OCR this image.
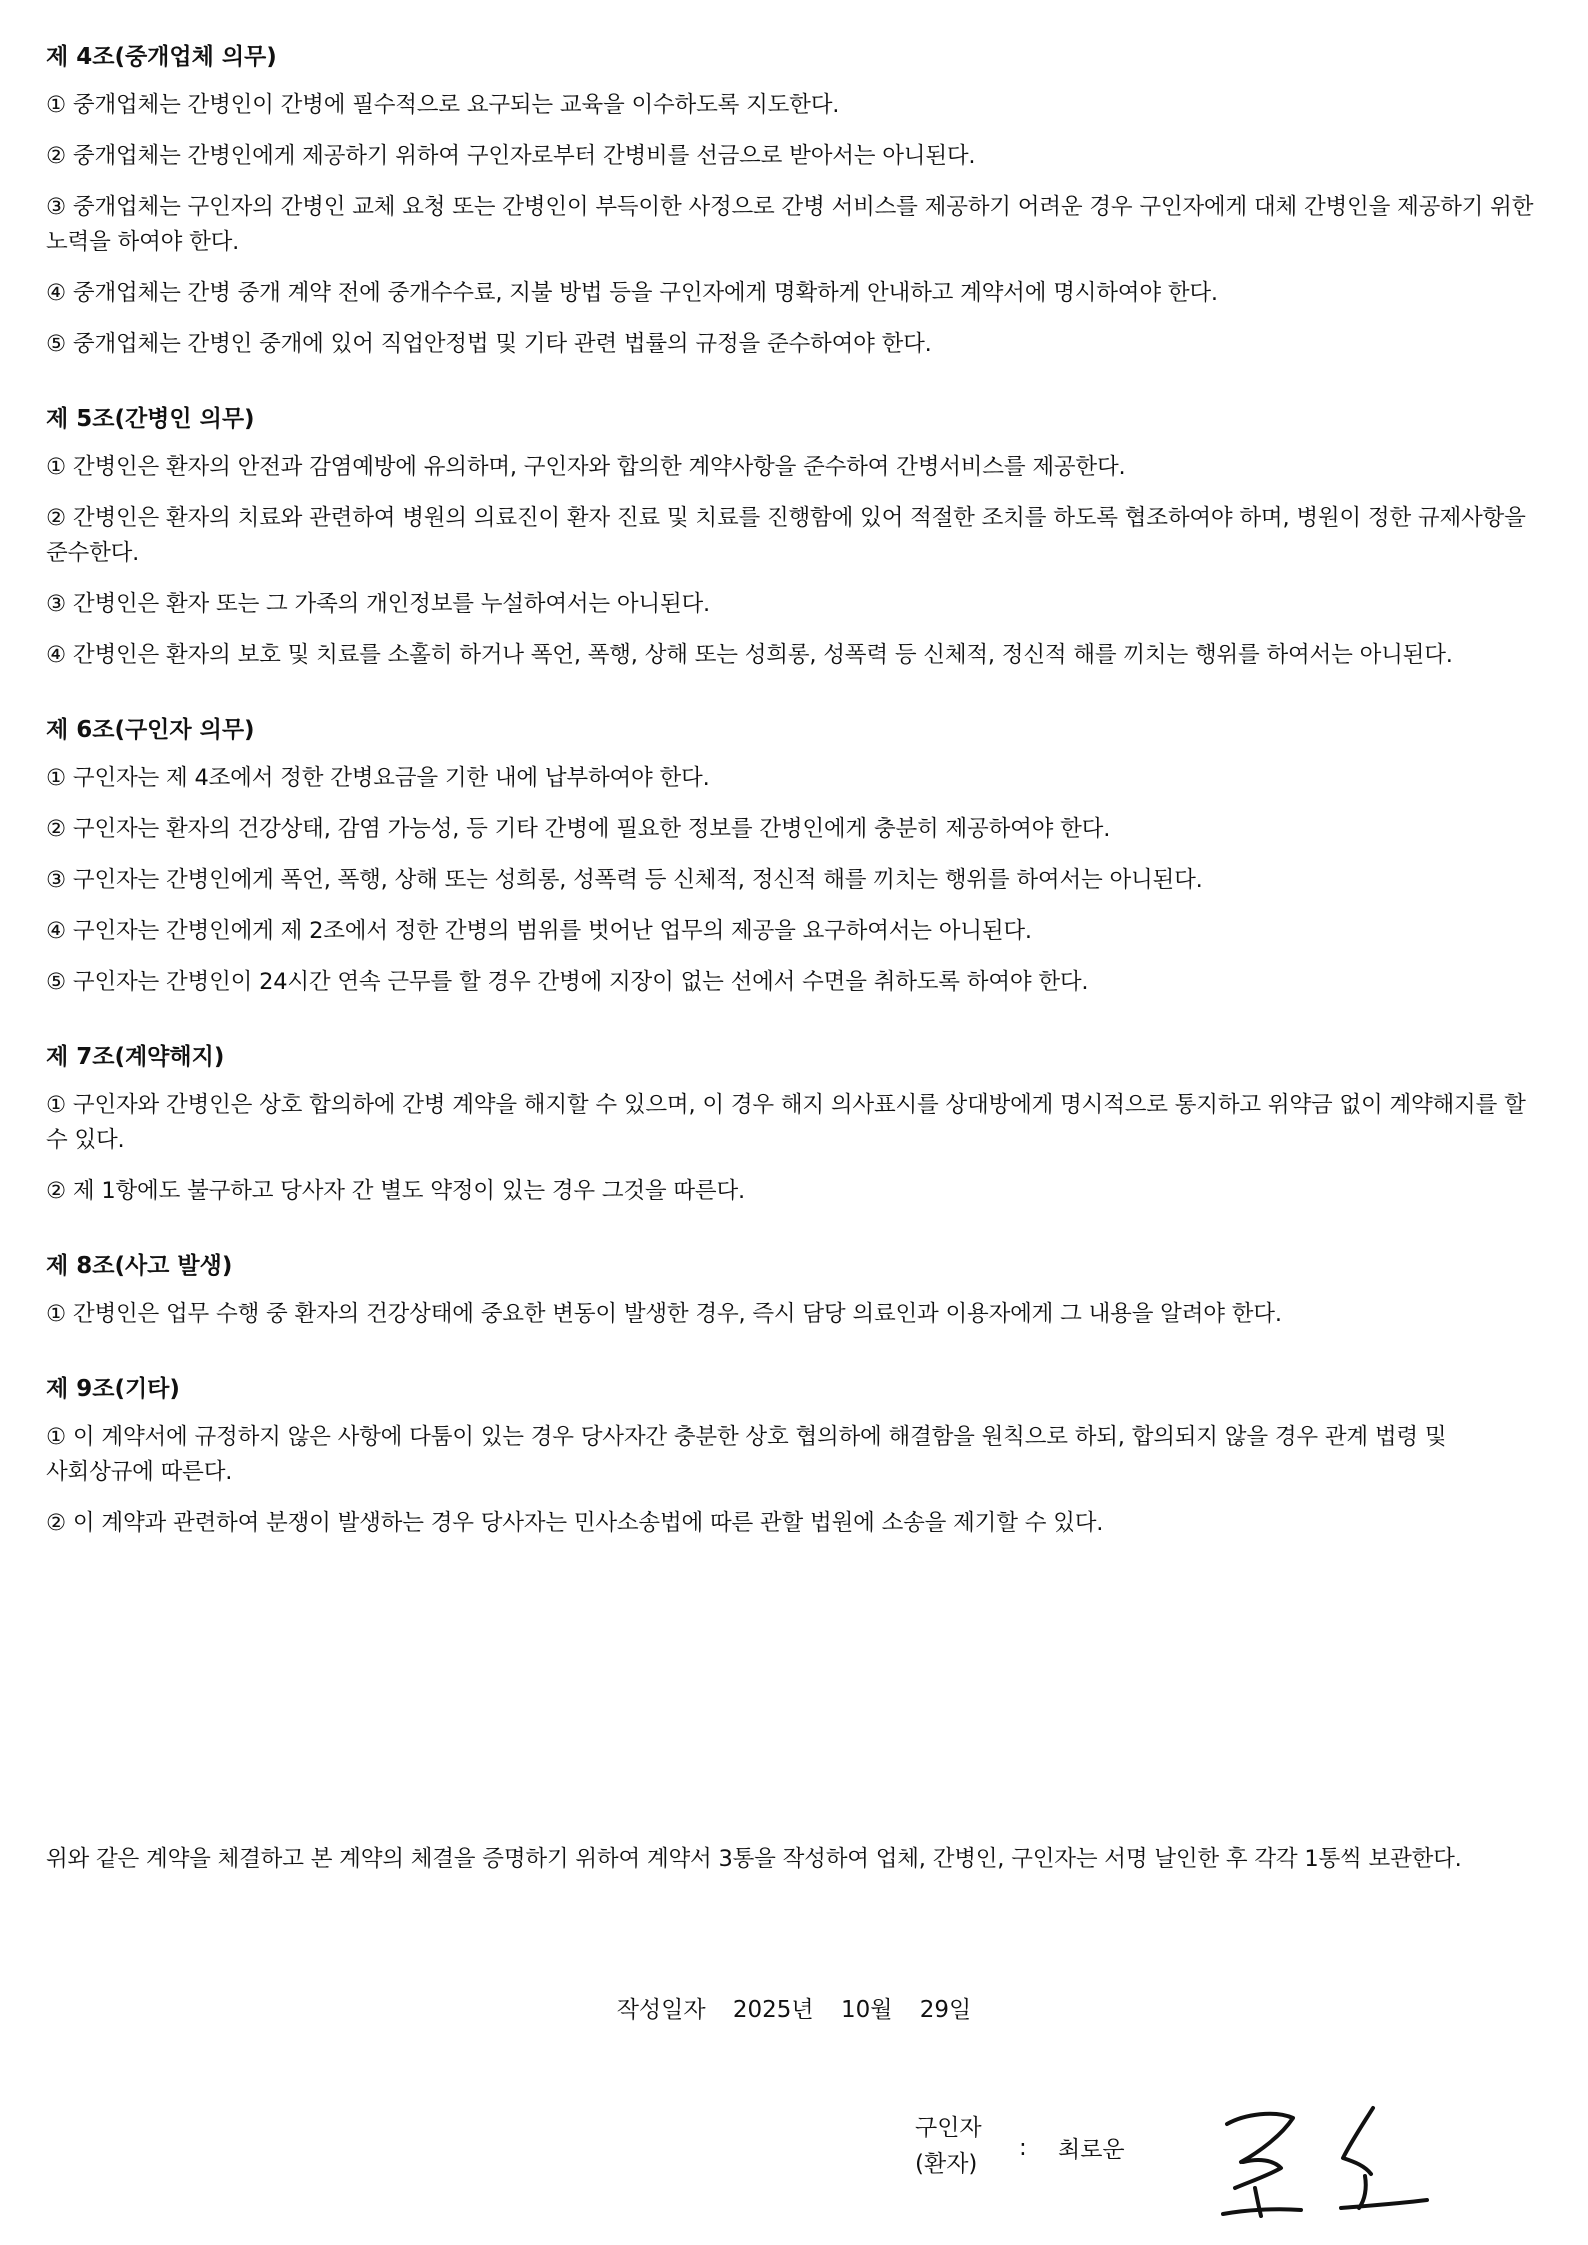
제 4조(중개업체 의무)

① 중개업체는 간병인이 간병에 필수적으로 요구되는 교육을 이수하도록 지도한다.

② 중개업체는 간병인에게 제공하기 위하여 구인자로부터 간병비를 선금으로 받아서는 아니된다.

③ 중개업체는 구인자의 간병인 교체 요청 또는 간병인이 부득이한 사정으로 간병 서비스를 제공하기 어려운 경우 구인자에게 대체 간병인을 제공하기 위한 노력을 하여야 한다.

④ 중개업체는 간병 중개 계약 전에 중개수수료, 지불 방법 등을 구인자에게 명확하게 안내하고 계약서에 명시하여야 한다.

⑤ 중개업체는 간병인 중개에 있어 직업안정법 및 기타 관련 법률의 규정을 준수하여야 한다.

제 5조(간병인 의무)

① 간병인은 환자의 안전과 감염예방에 유의하며, 구인자와 합의한 계약사항을 준수하여 간병서비스를 제공한다.

② 간병인은 환자의 치료와 관련하여 병원의 의료진이 환자 진료 및 치료를 진행함에 있어 적절한 조치를 하도록 협조하여야 하며, 병원이 정한 규제사항을 준수한다.

③ 간병인은 환자 또는 그 가족의 개인정보를 누설하여서는 아니된다.

④ 간병인은 환자의 보호 및 치료를 소홀히 하거나 폭언, 폭행, 상해 또는 성희롱, 성폭력 등 신체적, 정신적 해를 끼치는 행위를 하여서는 아니된다.

제 6조(구인자 의무)

① 구인자는 제 4조에서 정한 간병요금을 기한 내에 납부하여야 한다.

② 구인자는 환자의 건강상태, 감염 가능성, 등 기타 간병에 필요한 정보를 간병인에게 충분히 제공하여야 한다.

③ 구인자는 간병인에게 폭언, 폭행, 상해 또는 성희롱, 성폭력 등 신체적, 정신적 해를 끼치는 행위를 하여서는 아니된다.

④ 구인자는 간병인에게 제 2조에서 정한 간병의 범위를 벗어난 업무의 제공을 요구하여서는 아니된다.

⑤ 구인자는 간병인이 24시간 연속 근무를 할 경우 간병에 지장이 없는 선에서 수면을 취하도록 하여야 한다.

제 7조(계약해지)

① 구인자와 간병인은 상호 합의하에 간병 계약을 해지할 수 있으며, 이 경우 해지 의사표시를 상대방에게 명시적으로 통지하고 위약금 없이 계약해지를 할 수 있다.

② 제 1항에도 불구하고 당사자 간 별도 약정이 있는 경우 그것을 따른다.

제 8조(사고 발생)

① 간병인은 업무 수행 중 환자의 건강상태에 중요한 변동이 발생한 경우, 즉시 담당 의료인과 이용자에게 그 내용을 알려야 한다.

제 9조(기타)

① 이 계약서에 규정하지 않은 사항에 다툼이 있는 경우 당사자간 충분한 상호 협의하에 해결함을 원칙으로 하되, 합의되지 않을 경우 관계 법령 및 사회상규에 따른다.

② 이 계약과 관련하여 분쟁이 발생하는 경우 당사자는 민사소송법에 따른 관할 법원에 소송을 제기할 수 있다.

위와 같은 계약을 체결하고 본 계약의 체결을 증명하기 위하여 계약서 3통을 작성하여 업체, 간병인, 구인자는 서명 날인한 후 각각 1통씩 보관한다.
작성일자 2025년 10월 29일
구인자
(환자)
: 최로운
